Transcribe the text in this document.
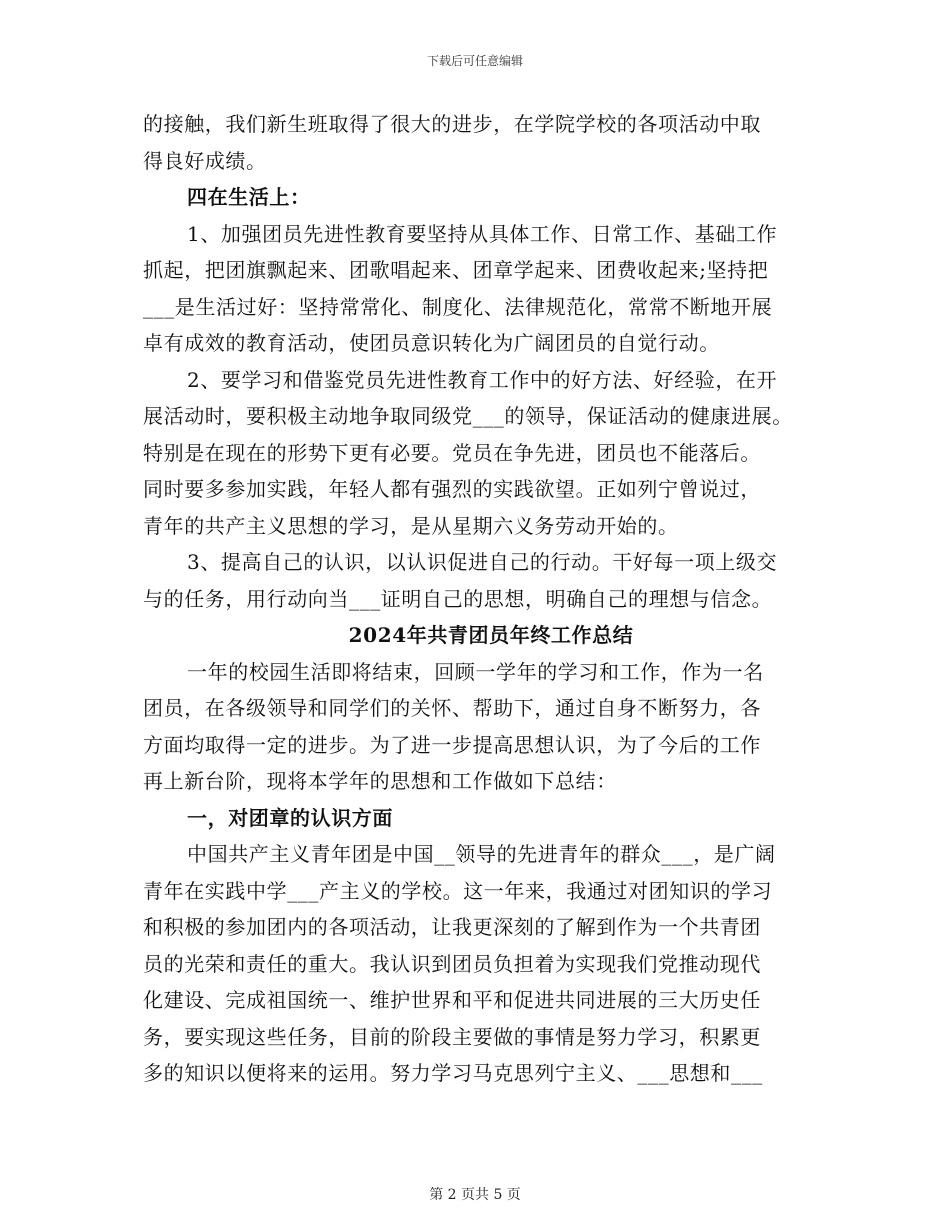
下载后可任意编辑
的接触，我们新生班取得了很大的进步，在学院学校的各项活动中取
得良好成绩。
四在生活上：
1、加强团员先进性教育要坚持从具体工作、日常工作、基础工作
抓起，把团旗飘起来、团歌唱起来、团章学起来、团费收起来;坚持把
___是生活过好：坚持常常化、制度化、法律规范化，常常不断地开展
卓有成效的教育活动，使团员意识转化为广阔团员的自觉行动。
2、要学习和借鉴党员先进性教育工作中的好方法、好经验，在开
展活动时，要积极主动地争取同级党___的领导，保证活动的健康进展。
特别是在现在的形势下更有必要。党员在争先进，团员也不能落后。
同时要多参加实践，年轻人都有强烈的实践欲望。正如列宁曾说过，
青年的共产主义思想的学习，是从星期六义务劳动开始的。
3、提高自己的认识，以认识促进自己的行动。干好每一项上级交
与的任务，用行动向当___证明自己的思想，明确自己的理想与信念。
2024年共青团员年终工作总结
一年的校园生活即将结束，回顾一学年的学习和工作，作为一名
团员，在各级领导和同学们的关怀、帮助下，通过自身不断努力，各
方面均取得一定的进步。为了进一步提高思想认识，为了今后的工作
再上新台阶，现将本学年的思想和工作做如下总结：
一，对团章的认识方面
中国共产主义青年团是中国__领导的先进青年的群众___，是广阔
青年在实践中学___产主义的学校。这一年来，我通过对团知识的学习
和积极的参加团内的各项活动，让我更深刻的了解到作为一个共青团
员的光荣和责任的重大。我认识到团员负担着为实现我们党推动现代
化建设、完成祖国统一、维护世界和平和促进共同进展的三大历史任
务，要实现这些任务，目前的阶段主要做的事情是努力学习，积累更
多的知识以便将来的运用。努力学习马克思列宁主义、___思想和___
第 2 页共 5 页
